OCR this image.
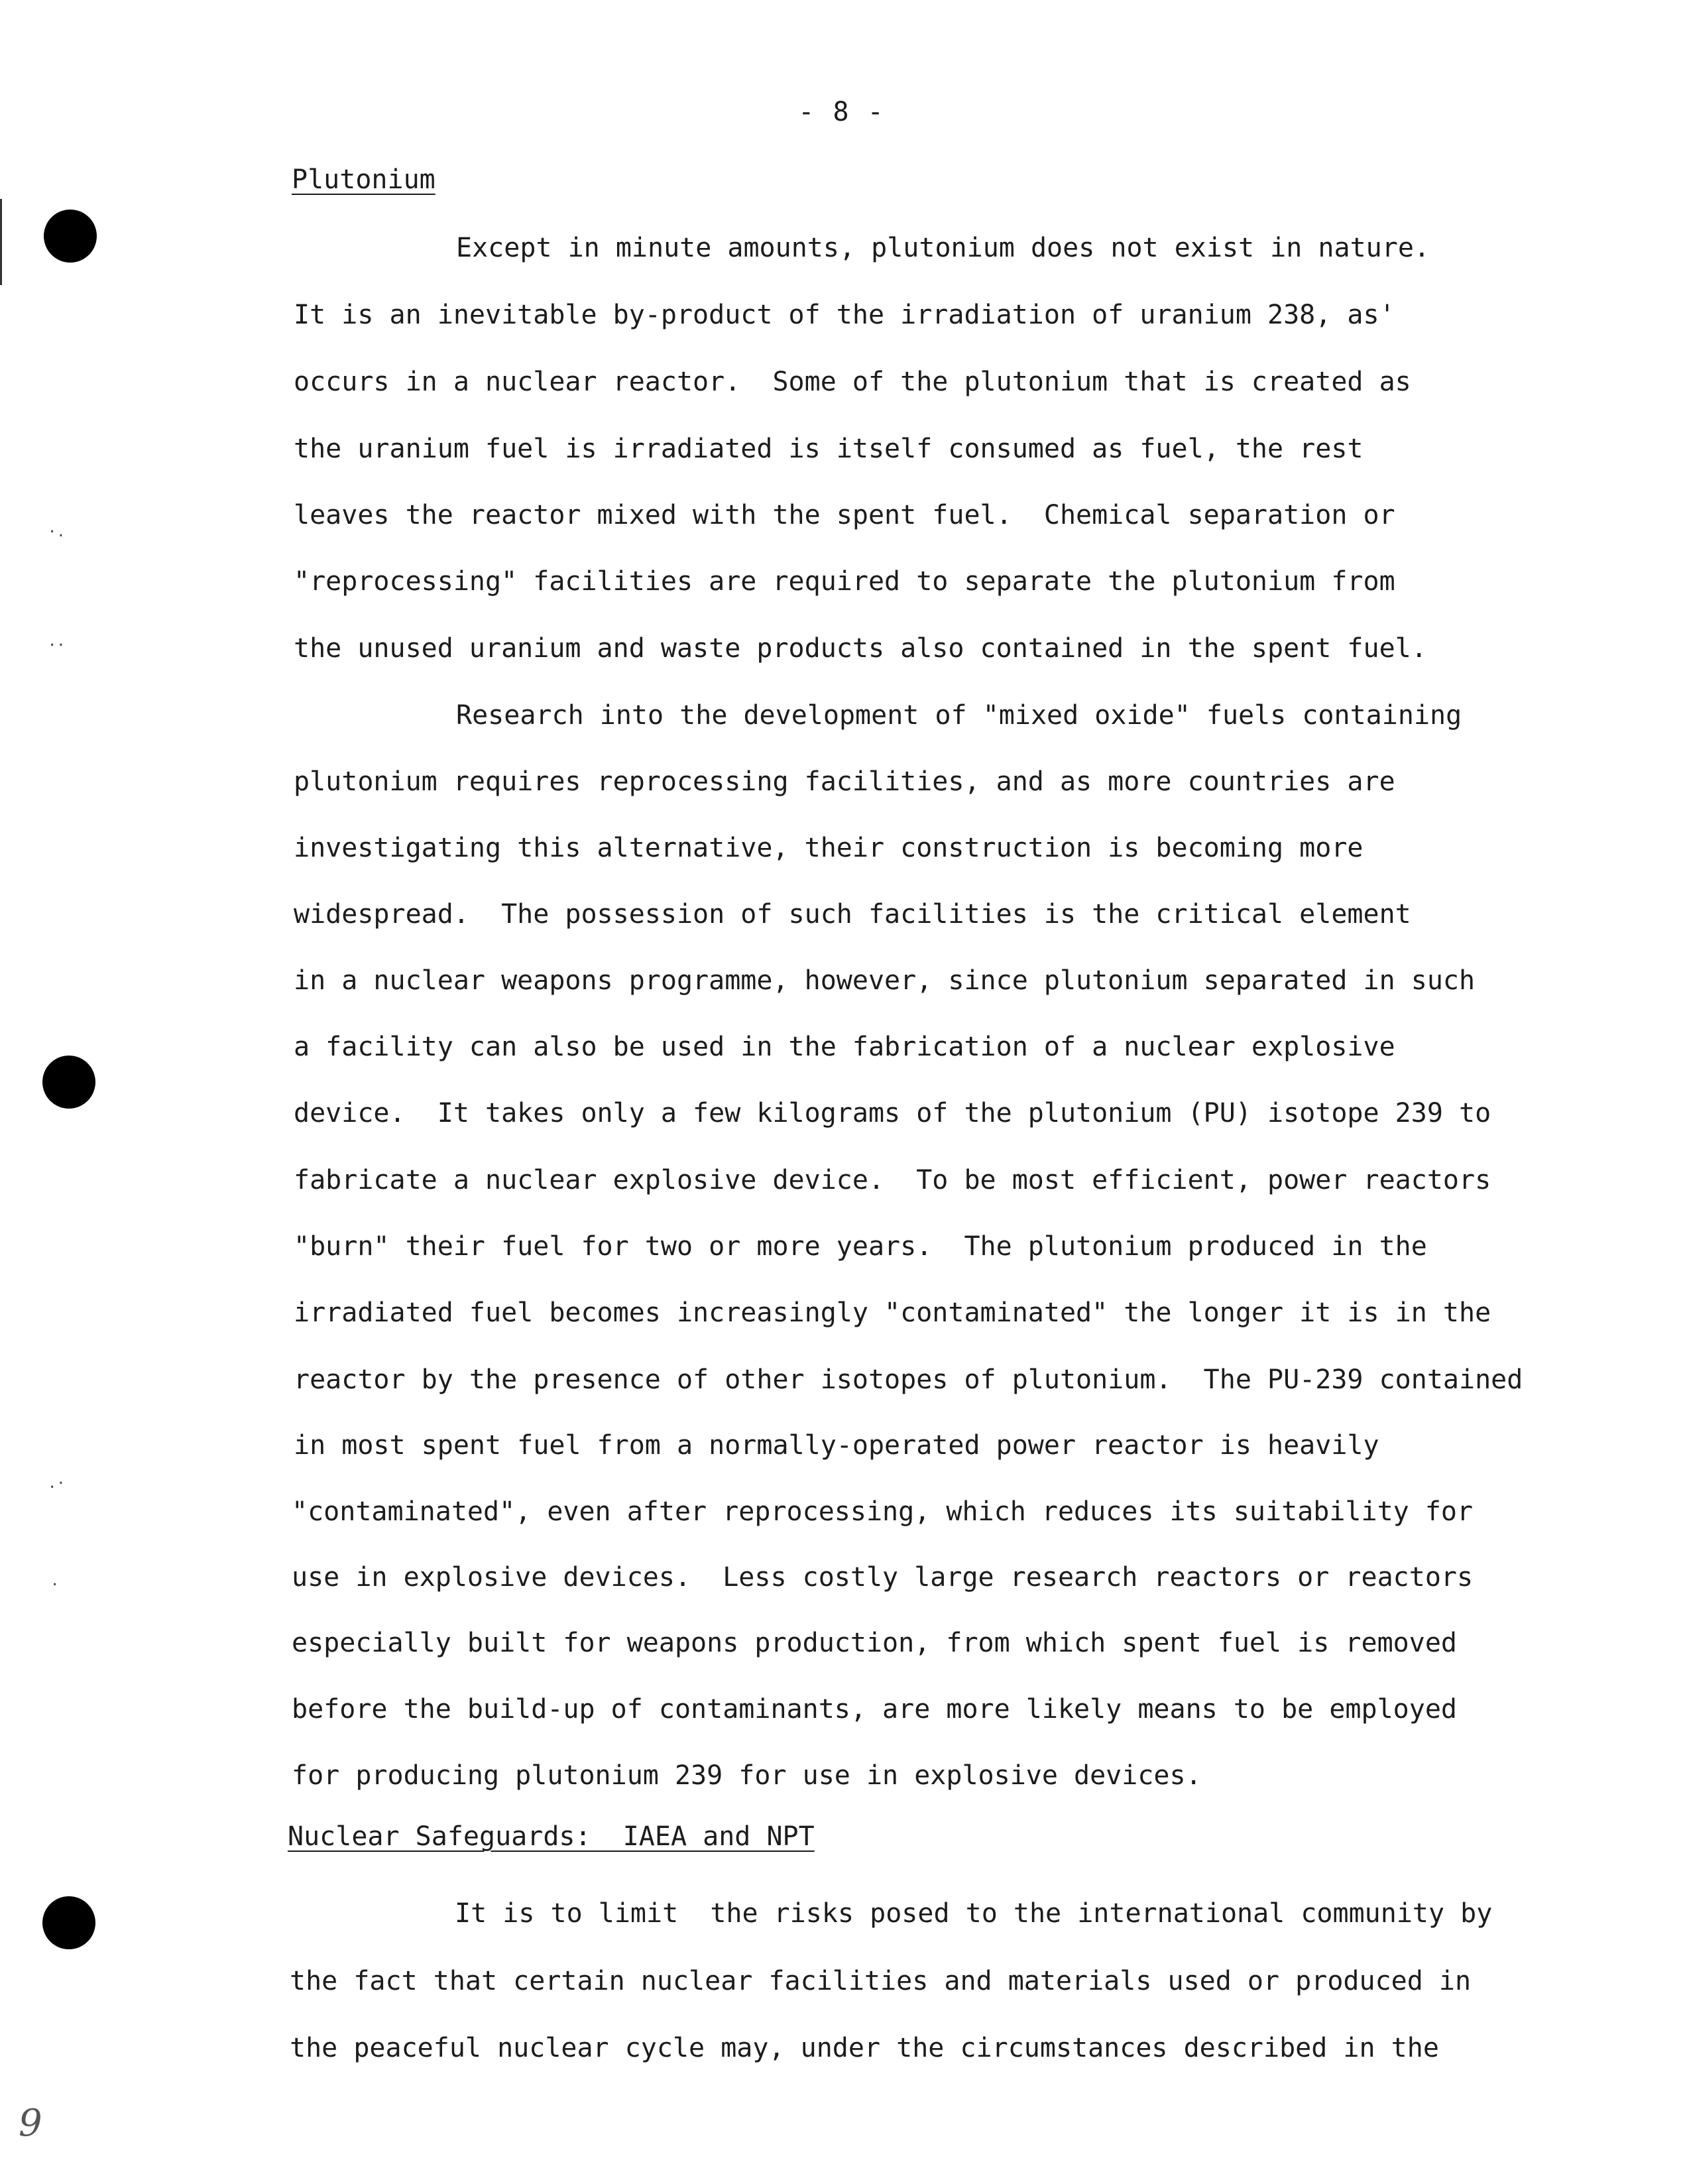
- 8 -
Plutonium
Except in minute amounts, plutonium does not exist in nature.
It is an inevitable by-product of the irradiation of uranium 238, as'
occurs in a nuclear reactor.  Some of the plutonium that is created as
the uranium fuel is irradiated is itself consumed as fuel, the rest
leaves the reactor mixed with the spent fuel.  Chemical separation or
"reprocessing" facilities are required to separate the plutonium from
the unused uranium and waste products also contained in the spent fuel.
Research into the development of "mixed oxide" fuels containing
plutonium requires reprocessing facilities, and as more countries are
investigating this alternative, their construction is becoming more
widespread.  The possession of such facilities is the critical element
in a nuclear weapons programme, however, since plutonium separated in such
a facility can also be used in the fabrication of a nuclear explosive
device.  It takes only a few kilograms of the plutonium (PU) isotope 239 to
fabricate a nuclear explosive device.  To be most efficient, power reactors
"burn" their fuel for two or more years.  The plutonium produced in the
irradiated fuel becomes increasingly "contaminated" the longer it is in the
reactor by the presence of other isotopes of plutonium.  The PU-239 contained
in most spent fuel from a normally-operated power reactor is heavily
"contaminated", even after reprocessing, which reduces its suitability for
use in explosive devices.  Less costly large research reactors or reactors
especially built for weapons production, from which spent fuel is removed
before the build-up of contaminants, are more likely means to be employed
for producing plutonium 239 for use in explosive devices.
Nuclear Safeguards:  IAEA and NPT
It is to limit  the risks posed to the international community by
the fact that certain nuclear facilities and materials used or produced in
the peaceful nuclear cycle may, under the circumstances described in the
·.
..
.·
·
9
